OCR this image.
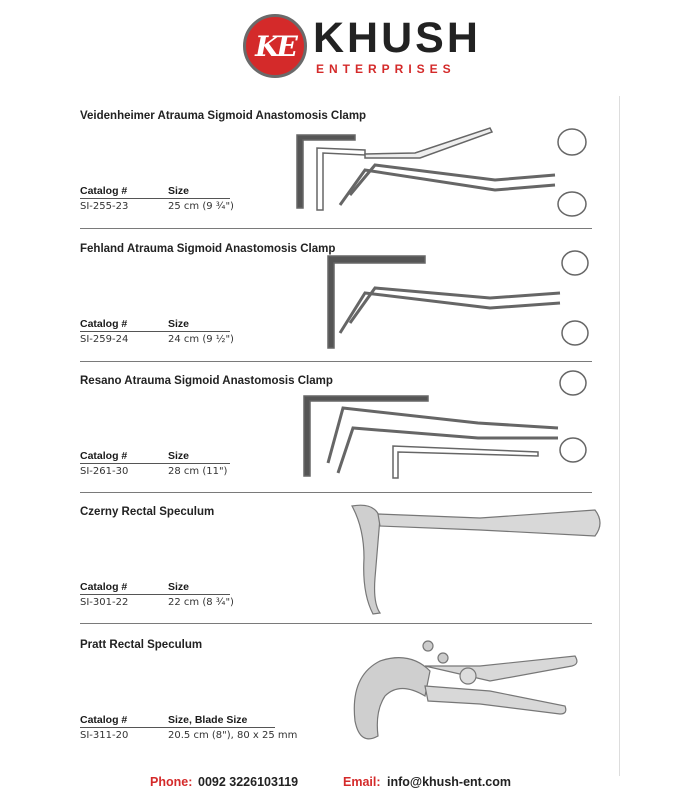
KE KHUSH
ENTERPRISES
Veidenheimer Atrauma Sigmoid Anastomosis Clamp
Catalog #	Size
SI-255-23	25 cm (9 ¾")
Fehland Atrauma Sigmoid Anastomosis Clamp
Catalog #	Size
SI-259-24	24 cm (9 ½")
Resano Atrauma Sigmoid Anastomosis Clamp
Catalog #	Size
SI-261-30	28 cm (11")
Czerny Rectal Speculum
Catalog #	Size
SI-301-22	22 cm (8 ¾")
Pratt Rectal Speculum
Catalog #	Size, Blade Size
SI-311-20	20.5 cm (8"), 80 x 25 mm
Phone: 0092 3226103119	Email: info@khush-ent.com
